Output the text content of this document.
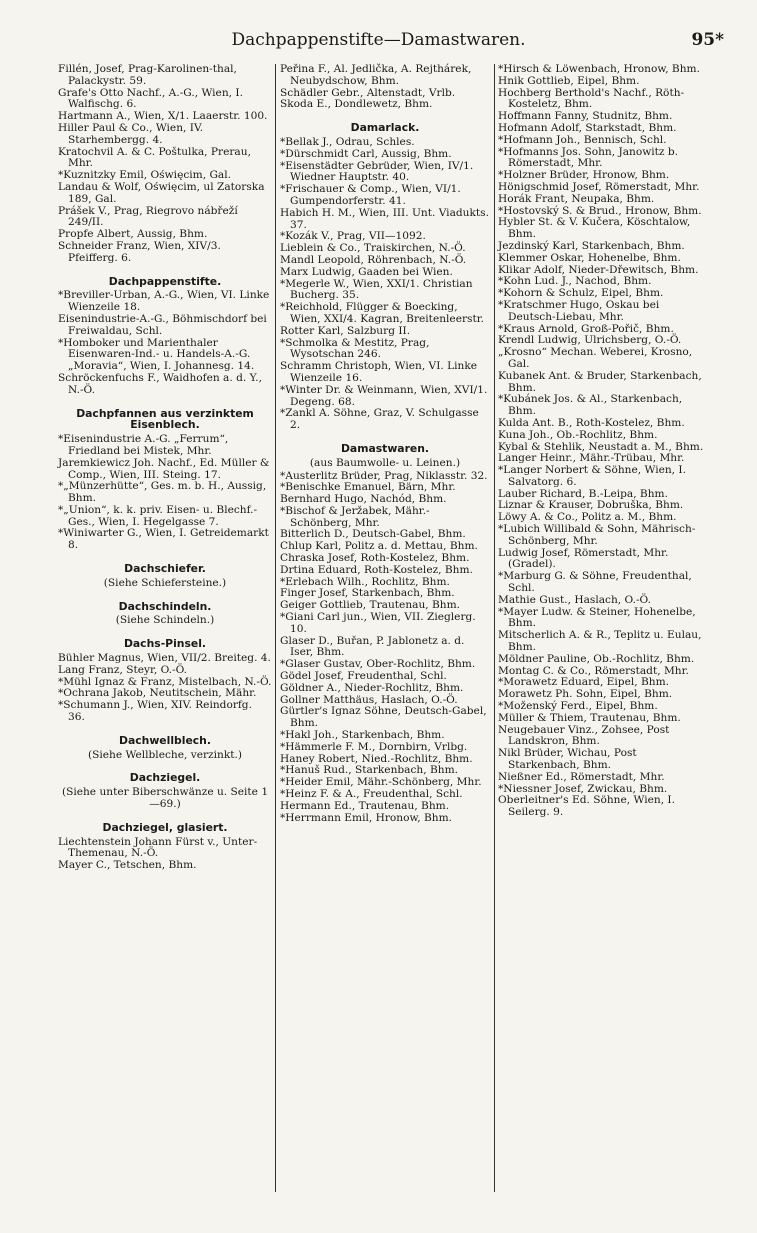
Dachpappenstifte—Damastwaren.	95*

Fillén, Josef, Prag-Karolinen-thal, Palackystr. 59.

Grafe's Otto Nachf., A.-G., Wien, I. Walfischg. 6.

Hartmann A., Wien, X/1. Laaerstr. 100.

Hiller Paul & Co., Wien, IV. Starhembergg. 4.

Kratochvil A. & C. Poštulka, Prerau, Mhr.

*Kuznitzky Emil, Oświęcim, Gal.

Landau & Wolf, Oświęcim, ul Zatorska 189, Gal.

Prášek V., Prag, Riegrovo nábřeží 249/II.

Propfe Albert, Aussig, Bhm.

Schneider Franz, Wien, XIV/3. Pfeifferg. 6.

Dachpappenstifte.

*Breviller-Urban, A.-G., Wien, VI. Linke Wienzeile 18.

Eisenindustrie-A.-G., Böhmischdorf bei Freiwaldau, Schl.

*Homboker und Marienthaler Eisenwaren-Ind.- u. Handels-A.-G. „Moravia“, Wien, I. Johannesg. 14.

Schröckenfuchs F., Waidhofen a. d. Y., N.-Ö.

Dachpfannen aus verzinktem Eisenblech.

*Eisenindustrie A.-G. „Ferrum“, Friedland bei Mistek, Mhr.

Jaremkiewicz Joh. Nachf., Ed. Müller & Comp., Wien, III. Steing. 17.

*„Münzerhütte“, Ges. m. b. H., Aussig, Bhm.

*„Union“, k. k. priv. Eisen- u. Blechf.-Ges., Wien, I. Hegelgasse 7.

*Winiwarter G., Wien, I. Getreidemarkt 8.

Dachschiefer.

(Siehe Schiefersteine.)

Dachschindeln.

(Siehe Schindeln.)

Dachs-Pinsel.

Bühler Magnus, Wien, VII/2. Breiteg. 4.

Lang Franz, Steyr, O.-Ö.

*Mühl Ignaz & Franz, Mistelbach, N.-Ö.

*Ochrana Jakob, Neutitschein, Mähr.

*Schumann J., Wien, XIV. Reindorfg. 36.

Dachwellblech.

(Siehe Wellbleche, verzinkt.)

Dachziegel.

(Siehe unter Biberschwänze u. Seite 1—69.)

Dachziegel, glasiert.

Liechtenstein Johann Fürst v., Unter-Themenau, N.-Ö.

Mayer C., Tetschen, Bhm.

Peřina F., Al. Jedlička, A. Rejthárek, Neubydschow, Bhm.

Schädler Gebr., Altenstadt, Vrlb.

Skoda E., Dondlewetz, Bhm.

Damarlack.

*Bellak J., Odrau, Schles.

*Dürschmidt Carl, Aussig, Bhm.

*Eisenstädter Gebrüder, Wien, IV/1. Wiedner Hauptstr. 40.

*Frischauer & Comp., Wien, VI/1. Gumpendorferstr. 41.

Habich H. M., Wien, III. Unt. Viadukts. 37.

*Kozák V., Prag, VII—1092.

Lieblein & Co., Traiskirchen, N.-Ö.

Mandl Leopold, Röhrenbach, N.-Ö.

Marx Ludwig, Gaaden bei Wien.

*Megerle W., Wien, XXI/1. Christian Bucherg. 35.

*Reichhold, Flügger & Boecking, Wien, XXI/4. Kagran, Breitenleerstr.

Rotter Karl, Salzburg II.

*Schmolka & Mestitz, Prag, Wysotschan 246.

Schramm Christoph, Wien, VI. Linke Wienzeile 16.

*Winter Dr. & Weinmann, Wien, XVI/1. Degeng. 68.

*Zankl A. Söhne, Graz, V. Schulgasse 2.

Damastwaren.

(aus Baumwolle- u. Leinen.)

*Austerlitz Brüder, Prag, Niklasstr. 32.

*Benischke Emanuel, Bärn, Mhr.

Bernhard Hugo, Nachód, Bhm.

*Bischof & Jeržabek, Mähr.-Schönberg, Mhr.

Bitterlich D., Deutsch-Gabel, Bhm.

Chlup Karl, Politz a. d. Mettau, Bhm.

Chraska Josef, Roth-Kostelez, Bhm.

Drtina Eduard, Roth-Kostelez, Bhm.

*Erlebach Wilh., Rochlitz, Bhm.

Finger Josef, Starkenbach, Bhm.

Geiger Gottlieb, Trautenau, Bhm.

*Giani Carl jun., Wien, VII. Zieglerg. 10.

Glaser D., Buřan, P. Jablonetz a. d. Iser, Bhm.

*Glaser Gustav, Ober-Rochlitz, Bhm.

Gödel Josef, Freudenthal, Schl.

Göldner A., Nieder-Rochlitz, Bhm.

Gollner Matthäus, Haslach, O.-Ö.

Gürtler's Ignaz Söhne, Deutsch-Gabel, Bhm.

*Hakl Joh., Starkenbach, Bhm.

*Hämmerle F. M., Dornbirn, Vrlbg.

Haney Robert, Nied.-Rochlitz, Bhm.

*Hanuš Rud., Starkenbach, Bhm.

*Heider Emil, Mähr.-Schönberg, Mhr.

*Heinz F. & A., Freudenthal, Schl.

Hermann Ed., Trautenau, Bhm.

*Herrmann Emil, Hronow, Bhm.

*Hirsch & Löwenbach, Hronow, Bhm.

Hnik Gottlieb, Eipel, Bhm.

Hochberg Berthold's Nachf., Röth-Kosteletz, Bhm.

Hoffmann Fanny, Studnitz, Bhm.

Hofmann Adolf, Starkstadt, Bhm.

*Hofmann Joh., Bennisch, Schl.

*Hofmanns Jos. Sohn, Janowitz b. Römerstadt, Mhr.

*Holzner Brüder, Hronow, Bhm.

Hönigschmid Josef, Römerstadt, Mhr.

Horák Frant, Neupaka, Bhm.

*Hostovský S. & Brud., Hronow, Bhm.

Hybler St. & V. Kučera, Köschtalow, Bhm.

Jezdinský Karl, Starkenbach, Bhm.

Klemmer Oskar, Hohenelbe, Bhm.

Klikar Adolf, Nieder-Dřewitsch, Bhm.

*Kohn Lud. J., Nachod, Bhm.

*Kohorn & Schulz, Eipel, Bhm.

*Kratschmer Hugo, Oskau bei Deutsch-Liebau, Mhr.

*Kraus Arnold, Groß-Pořič, Bhm.

Krendl Ludwig, Ulrichsberg, O.-Ö.

„Krosno“ Mechan. Weberei, Krosno, Gal.

Kubanek Ant. & Bruder, Starkenbach, Bhm.

*Kubánek Jos. & Al., Starkenbach, Bhm.

Kulda Ant. B., Roth-Kostelez, Bhm.

Kuna Joh., Ob.-Rochlitz, Bhm.

Kybal & Stehlik, Neustadt a. M., Bhm.

Langer Heinr., Mähr.-Trübau, Mhr.

*Langer Norbert & Söhne, Wien, I. Salvatorg. 6.

Lauber Richard, B.-Leipa, Bhm.

Liznar & Krauser, Dobruška, Bhm.

Löwy A. & Co., Politz a. M., Bhm.

*Lubich Willibald & Sohn, Mährisch-Schönberg, Mhr.

Ludwig Josef, Römerstadt, Mhr. (Gradel).

*Marburg G. & Söhne, Freudenthal, Schl.

Mathie Gust., Haslach, O.-Ö.

*Mayer Ludw. & Steiner, Hohenelbe, Bhm.

Mitscherlich A. & R., Teplitz u. Eulau, Bhm.

Möldner Pauline, Ob.-Rochlitz, Bhm.

Montag C. & Co., Römerstadt, Mhr.

*Morawetz Eduard, Eipel, Bhm.

Morawetz Ph. Sohn, Eipel, Bhm.

*Moženský Ferd., Eipel, Bhm.

Müller & Thiem, Trautenau, Bhm.

Neugebauer Vinz., Zohsee, Post Landskron, Bhm.

Nikl Brüder, Wichau, Post Starkenbach, Bhm.

Nießner Ed., Römerstadt, Mhr.

*Niessner Josef, Zwickau, Bhm.

Oberleitner's Ed. Söhne, Wien, I. Seilerg. 9.
